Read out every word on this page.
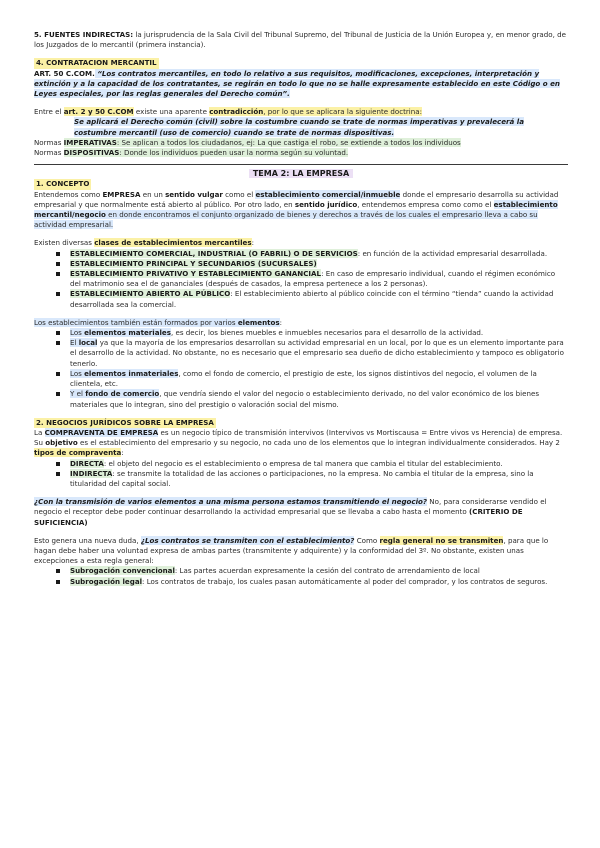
5. FUENTES INDIRECTAS: la jurisprudencia de la Sala Civil del Tribunal Supremo, del Tribunal de Justicia de la Unión Europea y, en menor grado, de los Juzgados de lo mercantil (primera instancia).

4. CONTRATACION MERCANTIL

ART. 50 C.COM. “Los contratos mercantiles, en todo lo relativo a sus requisitos, modificaciones, excepciones, interpretación y extinción y a la capacidad de los contratantes, se regirán en todo lo que no se halle expresamente establecido en este Código o en Leyes especiales, por las reglas generales del Derecho común”.

Entre el art. 2 y 50 C.COM existe una aparente contradicción, por lo que se aplicara la siguiente doctrina:

Se aplicará el Derecho común (civil) sobre la costumbre cuando se trate de normas imperativas y prevalecerá la costumbre mercantil (uso de comercio) cuando se trate de normas dispositivas.

Normas IMPERATIVAS: Se aplican a todos los ciudadanos, ej: La que castiga el robo, se extiende a todos los individuos

Normas DISPOSITIVAS: Donde los individuos pueden usar la norma según su voluntad.

TEMA 2: LA EMPRESA

1. CONCEPTO

Entendemos como EMPRESA en un sentido vulgar como el establecimiento comercial/inmueble donde el empresario desarrolla su actividad empresarial y que normalmente está abierto al público. Por otro lado, en sentido jurídico, entendemos empresa como como el establecimiento mercantil/negocio en donde encontramos el conjunto organizado de bienes y derechos a través de los cuales el empresario lleva a cabo su actividad empresarial.

Existen diversas clases de establecimientos mercantiles:

ESTABLECIMIENTO COMERCIAL, INDUSTRIAL (O FABRIL) O DE SERVICIOS: en función de la actividad empresarial desarrollada.
ESTABLECIMIENTO PRINCIPAL Y SECUNDARIOS (SUCURSALES)
ESTABLECIMIENTO PRIVATIVO Y ESTABLECIMIENTO GANANCIAL: En caso de empresario individual, cuando el régimen económico del matrimonio sea el de gananciales (después de casados, la empresa pertenece a los 2 personas).
ESTABLECIMIENTO ABIERTO AL PÚBLICO: El establecimiento abierto al público coincide con el término “tienda” cuando la actividad desarrollada sea la comercial.

Los establecimientos también están formados por varios elementos:

Los elementos materiales, es decir, los bienes muebles e inmuebles necesarios para el desarrollo de la actividad.
El local ya que la mayoría de los empresarios desarrollan su actividad empresarial en un local, por lo que es un elemento importante para el desarrollo de la actividad. No obstante, no es necesario que el empresario sea dueño de dicho establecimiento y tampoco es obligatorio tenerlo.
Los elementos inmateriales, como el fondo de comercio, el prestigio de este, los signos distintivos del negocio, el volumen de la clientela, etc.
Y el fondo de comercio, que vendría siendo el valor del negocio o establecimiento derivado, no del valor económico de los bienes materiales que lo integran, sino del prestigio o valoración social del mismo.

2. NEGOCIOS JURÍDICOS SOBRE LA EMPRESA

La COMPRAVENTA DE EMPRESA es un negocio típico de transmisión intervivos (Intervivos vs Mortiscausa = Entre vivos vs Herencia) de empresa. Su objetivo es el establecimiento del empresario y su negocio, no cada uno de los elementos que lo integran individualmente considerados. Hay 2 tipos de compraventa:

DIRECTA: el objeto del negocio es el establecimiento o empresa de tal manera que cambia el titular del establecimiento.
INDIRECTA: se transmite la totalidad de las acciones o participaciones, no la empresa. No cambia el titular de la empresa, sino la titularidad del capital social.

¿Con la transmisión de varios elementos a una misma persona estamos transmitiendo el negocio? No, para considerarse vendido el negocio el receptor debe poder continuar desarrollando la actividad empresarial que se llevaba a cabo hasta el momento (CRITERIO DE SUFICIENCIA)

Esto genera una nueva duda, ¿Los contratos se transmiten con el establecimiento? Como regla general no se transmiten, para que lo hagan debe haber una voluntad expresa de ambas partes (transmitente y adquirente) y la conformidad del 3º. No obstante, existen unas excepciones a esta regla general:

Subrogación convencional: Las partes acuerdan expresamente la cesión del contrato de arrendamiento de local
Subrogación legal: Los contratos de trabajo, los cuales pasan automáticamente al poder del comprador, y los contratos de seguros.
